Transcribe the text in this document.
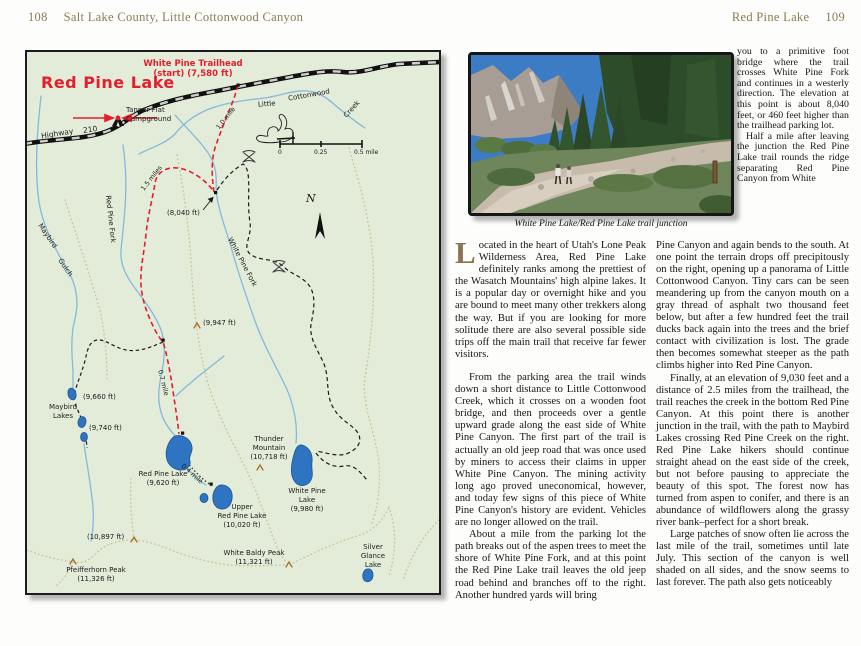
108 Salt Lake County, Little Cottonwood Canyon	Red Pine Lake 109
Red Pine Lake
White Pine Trailhead
(start) (7,580 ft)
Tanner Flat
Campground
Highway 210
Little
Cottonwood
Creek
1.0 mile
1.5 miles
0.7 mile
0.4 mile
(8,040 ft)
(9,947 ft)
(9,660 ft)
(9,740 ft)
(10,897 ft)
Red Pine Fork
White Pine Fork
Maybird
Gulch
Maybird
Lakes
Red Pine Lake
(9,620 ft)
Upper
Red Pine Lake
(10,020 ft)
Thunder
Mountain
(10,718 ft)
White Pine
Lake
(9,980 ft)
White Baldy Peak
(11,321 ft)
Silver
Glance
Lake
Pfeifferhorn Peak
(11,326 ft)
N
0	0.25	0.5 mile
White Pine Lake/Red Pine Lake trail junction

Located in the heart of Utah's Lone Peak Wilderness Area, Red Pine Lake definitely ranks among the prettiest of the Wasatch Mountains' high alpine lakes. It is a popular day or overnight hike and you are bound to meet many other trekkers along the way. But if you are looking for more solitude there are also several possible side trips off the main trail that receive far fewer visitors.

From the parking area the trail winds down a short distance to Little Cottonwood Creek, which it crosses on a wooden foot bridge, and then proceeds over a gentle upward grade along the east side of White Pine Canyon. The first part of the trail is actually an old jeep road that was once used by miners to access their claims in upper White Pine Canyon. The mining activity long ago proved uneconomical, however, and today few signs of this piece of White Pine Canyon's history are evident. Vehicles are no longer allowed on the trail.

About a mile from the parking lot the path breaks out of the aspen trees to meet the shore of White Pine Fork, and at this point the Red Pine Lake trail leaves the old jeep road behind and branches off to the right. Another hundred yards will bring

you to a primitive foot bridge where the trail crosses White Pine Fork and continues in a westerly direction. The elevation at this point is about 8,040 feet, or 460 feet higher than the trailhead parking lot.

Half a mile after leaving the junction the Red Pine Lake trail rounds the ridge separating Red Pine Canyon from White

Pine Canyon and again bends to the south. At one point the terrain drops off precipitously on the right, opening up a panorama of Little Cottonwood Canyon. Tiny cars can be seen meandering up from the canyon mouth on a gray thread of asphalt two thousand feet below, but after a few hundred feet the trail ducks back again into the trees and the brief contact with civilization is lost. The grade then becomes somewhat steeper as the path climbs higher into Red Pine Canyon.

Finally, at an elevation of 9,030 feet and a distance of 2.5 miles from the trailhead, the trail reaches the creek in the bottom Red Pine Canyon. At this point there is another junction in the trail, with the path to Maybird Lakes crossing Red Pine Creek on the right. Red Pine Lake hikers should continue straight ahead on the east side of the creek, but not before pausing to appreciate the beauty of this spot. The forest now has turned from aspen to conifer, and there is an abundance of wildflowers along the grassy river bank–perfect for a short break.

Large patches of snow often lie across the last mile of the trail, sometimes until late July. This section of the canyon is well shaded on all sides, and the snow seems to last forever. The path also gets noticeably
